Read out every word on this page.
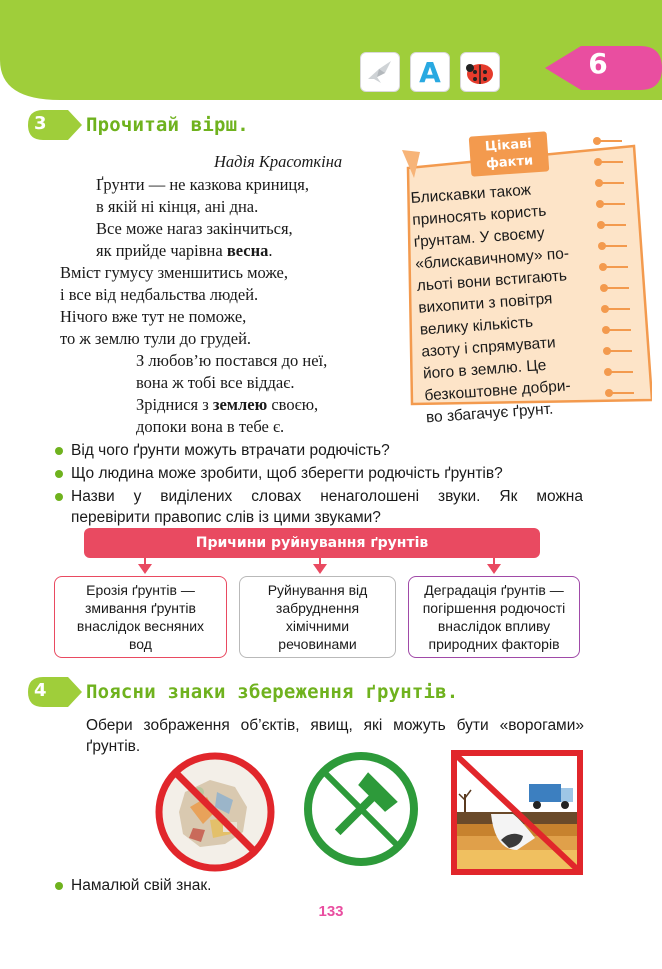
A	6
3 Прочитай вірш.
Надія Красоткіна
Ґрунти — не казкова криниця,
в якій ні кінця, ані дна.
Все може наraз закінчиться,
як прийде чарівна весна.
Вміст гумусу зменшитись може,
і все від недбальства людей.
Нічого вже тут не поможе,
то ж землю тули до грудей.
З любов’ю постався до неї,
вона ж тобі все віддає.
Зріднися з землею своєю,
допоки вона в тебе є.
Цікаві
факти
Блискавки також
приносять користь
ґрунтам. У своєму
«блискавичному» по-
льоті вони встигають
вихопити з повітря
велику кількість
азоту і спрямувати
його в землю. Це
безкоштовне добри-
во збагачує ґрунт.
Від чого ґрунти можуть втрачати родючість?
Що людина може зробити, щоб зберегти родючість ґрунтів?
Назви у виділених словах ненаголошені звуки. Як можна
перевірити правопис слів із цими звуками?
Причини руйнування ґрунтів
Ерозія ґрунтів —
змивання ґрунтів
внаслідок весняних
вод
Руйнування від
забруднення
хімічними
речовинами
Деградація ґрунтів —
погіршення родючості
внаслідок впливу
природних факторів
4 Поясни знаки збереження ґрунтів.
Обери зображення об’єктів, явищ, які можуть бути «ворогами»
ґрунтів.
Намалюй свій знак.
133
